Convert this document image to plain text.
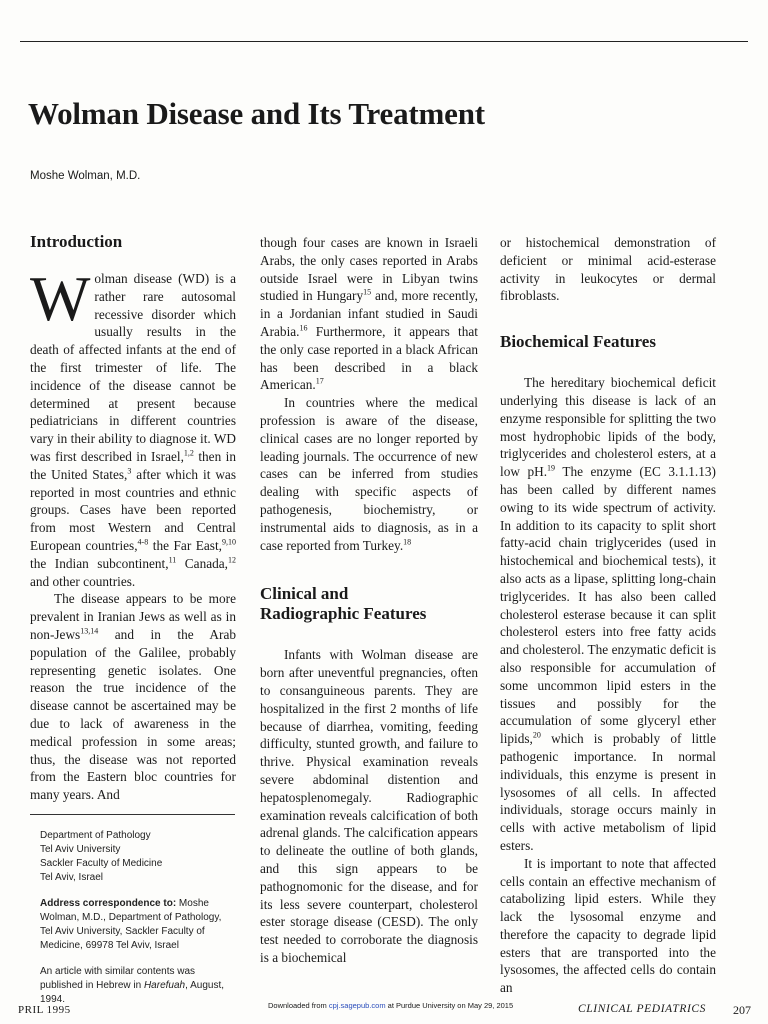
Wolman Disease and Its Treatment
Moshe Wolman, M.D.
Introduction

Wolman disease (WD) is a rather rare autosomal recessive disorder which usually results in the death of affected infants at the end of the first trimester of life. The incidence of the disease cannot be determined at present because pediatricians in different countries vary in their ability to diagnose it. WD was first described in Israel,$^{1,2}$ then in the United States,$^3$ after which it was reported in most countries and ethnic groups. Cases have been reported from most Western and Central European countries,$^{4-8}$ the Far East,$^{9,10}$ the Indian subcontinent,$^{11}$ Canada,$^{12}$ and other countries.

The disease appears to be more prevalent in Iranian Jews as well as in non-Jews$^{13,14}$ and in the Arab population of the Galilee, probably representing genetic isolates. One reason the true incidence of the disease cannot be ascertained may be due to lack of awareness in the medical profession in some areas; thus, the disease was not reported from the Eastern bloc countries for many years. And

Department of Pathology
Tel Aviv University
Sackler Faculty of Medicine
Tel Aviv, Israel
Address correspondence to: Moshe Wolman, M.D., Department of Pathology, Tel Aviv University, Sackler Faculty of Medicine, 69978 Tel Aviv, Israel
An article with similar contents was published in Hebrew in Harefuah, August, 1994.

though four cases are known in Israeli Arabs, the only cases reported in Arabs outside Israel were in Libyan twins studied in Hungary$^{15}$ and, more recently, in a Jordanian infant studied in Saudi Arabia.$^{16}$ Furthermore, it appears that the only case reported in a black African has been described in a black American.$^{17}$

In countries where the medical profession is aware of the disease, clinical cases are no longer reported by leading journals. The occurrence of new cases can be inferred from studies dealing with specific aspects of pathogenesis, biochemistry, or instrumental aids to diagnosis, as in a case reported from Turkey.$^{18}$

Clinical and
Radiographic Features

Infants with Wolman disease are born after uneventful pregnancies, often to consanguineous parents. They are hospitalized in the first 2 months of life because of diarrhea, vomiting, feeding difficulty, stunted growth, and failure to thrive. Physical examination reveals severe abdominal distention and hepatosplenomegaly. Radiographic examination reveals calcification of both adrenal glands. The calcification appears to delineate the outline of both glands, and this sign appears to be pathognomonic for the disease, and for its less severe counterpart, cholesterol ester storage disease (CESD). The only test needed to corroborate the diagnosis is a biochemical

or histochemical demonstration of deficient or minimal acid-esterase activity in leukocytes or dermal fibroblasts.

Biochemical Features

The hereditary biochemical deficit underlying this disease is lack of an enzyme responsible for splitting the two most hydrophobic lipids of the body, triglycerides and cholesterol esters, at a low pH.$^{19}$ The enzyme (EC 3.1.1.13) has been called by different names owing to its wide spectrum of activity. In addition to its capacity to split short fatty-acid chain triglycerides (used in histochemical and biochemical tests), it also acts as a lipase, splitting long-chain triglycerides. It has also been called cholesterol esterase because it can split cholesterol esters into free fatty acids and cholesterol. The enzymatic deficit is also responsible for accumulation of some uncommon lipid esters in the tissues and possibly for the accumulation of some glyceryl ether lipids,$^{20}$ which is probably of little pathogenic importance. In normal individuals, this enzyme is present in lysosomes of all cells. In affected individuals, storage occurs mainly in cells with active metabolism of lipid esters.

It is important to note that affected cells contain an effective mechanism of catabolizing lipid esters. While they lack the lysosomal enzyme and therefore the capacity to degrade lipid esters that are transported into the lysosomes, the affected cells do contain an

PRIL 1995	Downloaded from cpj.sagepub.com at Purdue University on May 29, 2015	CLINICAL PEDIATRICS 207
